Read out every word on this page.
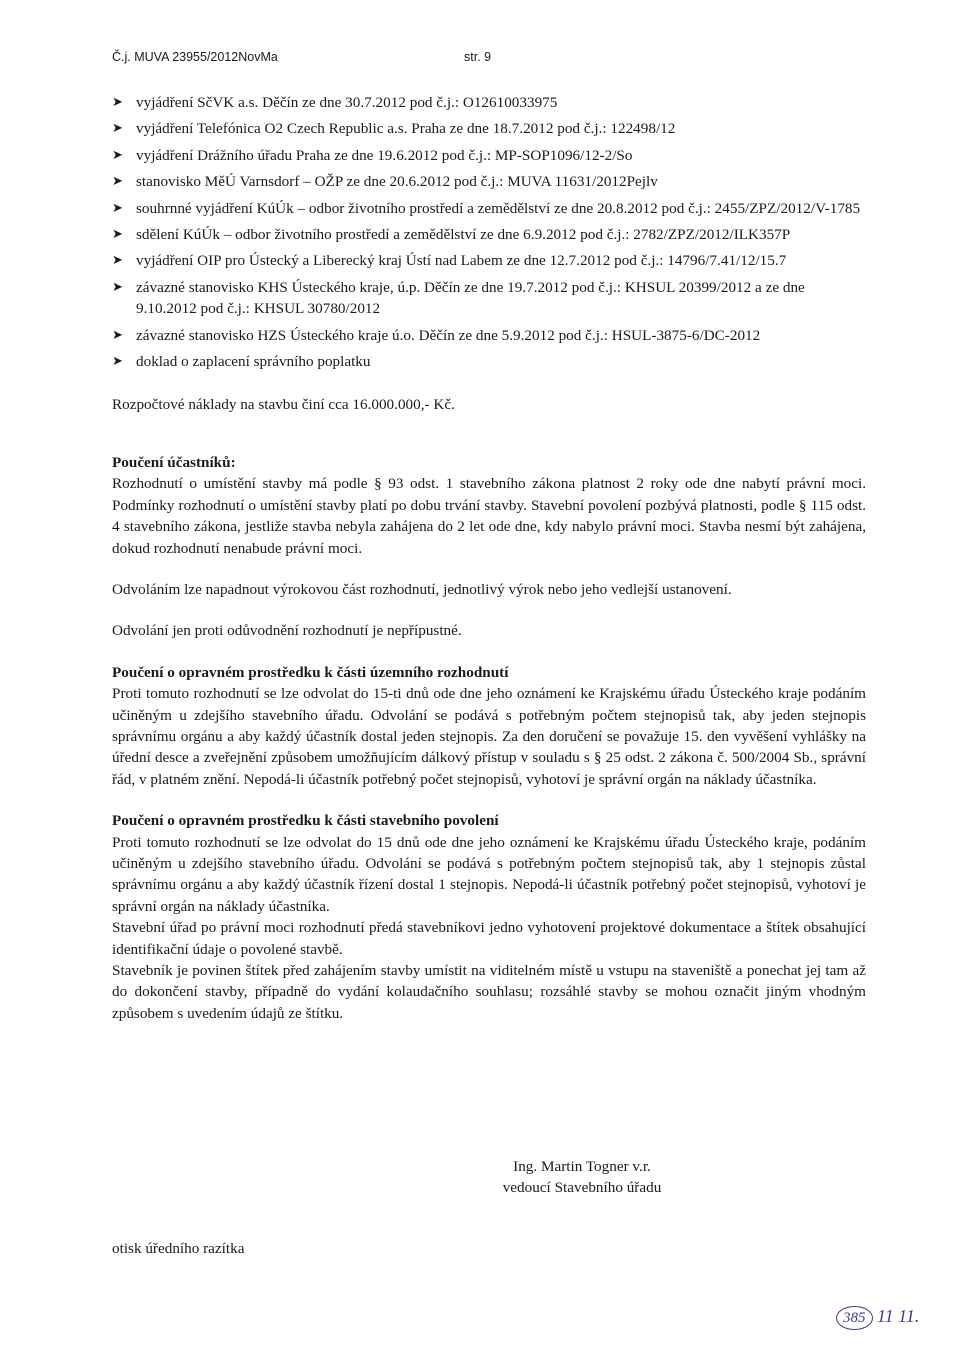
Č.j. MUVA 23955/2012NovMa	str. 9
➤ vyjádření SčVK a.s. Děčín ze dne 30.7.2012 pod č.j.: O12610033975
➤ vyjádření Telefónica O2 Czech Republic a.s. Praha ze dne 18.7.2012 pod č.j.: 122498/12
➤ vyjádření Drážního úřadu Praha ze dne 19.6.2012 pod č.j.: MP-SOP1096/12-2/So
➤ stanovisko MěÚ Varnsdorf – OŽP ze dne 20.6.2012 pod č.j.: MUVA 11631/2012Pejlv
➤ souhrnné vyjádření KúÚk – odbor životního prostředí a zemědělství ze dne 20.8.2012 pod č.j.: 2455/ZPZ/2012/V-1785
➤ sdělení KúÚk – odbor životního prostředí a zemědělství ze dne 6.9.2012 pod č.j.: 2782/ZPZ/2012/ILK357P
➤ vyjádření OIP pro Ústecký a Liberecký kraj Ústí nad Labem ze dne 12.7.2012 pod č.j.: 14796/7.41/12/15.7
➤ závazné stanovisko KHS Ústeckého kraje, ú.p. Děčín ze dne 19.7.2012 pod č.j.: KHSUL 20399/2012 a ze dne 9.10.2012 pod č.j.: KHSUL 30780/2012
➤ závazné stanovisko HZS Ústeckého kraje ú.o. Děčín ze dne 5.9.2012 pod č.j.: HSUL-3875-6/DC-2012
➤ doklad o zaplacení správního poplatku

Rozpočtové náklady na stavbu činí cca 16.000.000,- Kč.

Poučení účastníků:

Rozhodnutí o umístění stavby má podle § 93 odst. 1 stavebního zákona platnost 2 roky ode dne nabytí právní moci. Podmínky rozhodnutí o umístění stavby platí po dobu trvání stavby. Stavební povolení pozbývá platnosti, podle § 115 odst. 4 stavebního zákona, jestliže stavba nebyla zahájena do 2 let ode dne, kdy nabylo právní moci. Stavba nesmí být zahájena, dokud rozhodnutí nenabude právní moci.

Odvoláním lze napadnout výrokovou část rozhodnutí, jednotlivý výrok nebo jeho vedlejší ustanovení.

Odvolání jen proti odůvodnění rozhodnutí je nepřípustné.

Poučení o opravném prostředku k části územního rozhodnutí

Proti tomuto rozhodnutí se lze odvolat do 15-ti dnů ode dne jeho oznámení ke Krajskému úřadu Ústeckého kraje podáním učiněným u zdejšího stavebního úřadu. Odvolání se podává s potřebným počtem stejnopisů tak, aby jeden stejnopis správnímu orgánu a aby každý účastník dostal jeden stejnopis. Za den doručení se považuje 15. den vyvěšení vyhlášky na úřední desce a zveřejnění způsobem umožňujícím dálkový přístup v souladu s § 25 odst. 2 zákona č. 500/2004 Sb., správní řád, v platném znění. Nepodá-li účastník potřebný počet stejnopisů, vyhotoví je správní orgán na náklady účastníka.

Poučení o opravném prostředku k části stavebního povolení

Proti tomuto rozhodnutí se lze odvolat do 15 dnů ode dne jeho oznámení ke Krajskému úřadu Ústeckého kraje, podáním učiněným u zdejšího stavebního úřadu. Odvolání se podává s potřebným počtem stejnopisů tak, aby 1 stejnopis zůstal správnímu orgánu a aby každý účastník řízení dostal 1 stejnopis. Nepodá-li účastník potřebný počet stejnopisů, vyhotoví je správní orgán na náklady účastníka.

Stavební úřad po právní moci rozhodnutí předá stavebníkovi jedno vyhotovení projektové dokumentace a štítek obsahující identifikační údaje o povolené stavbě.

Stavebník je povinen štítek před zahájením stavby umístit na viditelném místě u vstupu na staveniště a ponechat jej tam až do dokončení stavby, případně do vydání kolaudačního souhlasu; rozsáhlé stavby se mohou označit jiným vhodným způsobem s uvedením údajů ze štítku.

Ing. Martin Togner v.r.
vedoucí Stavebního úřadu
otisk úředního razítka
385 11 11.
